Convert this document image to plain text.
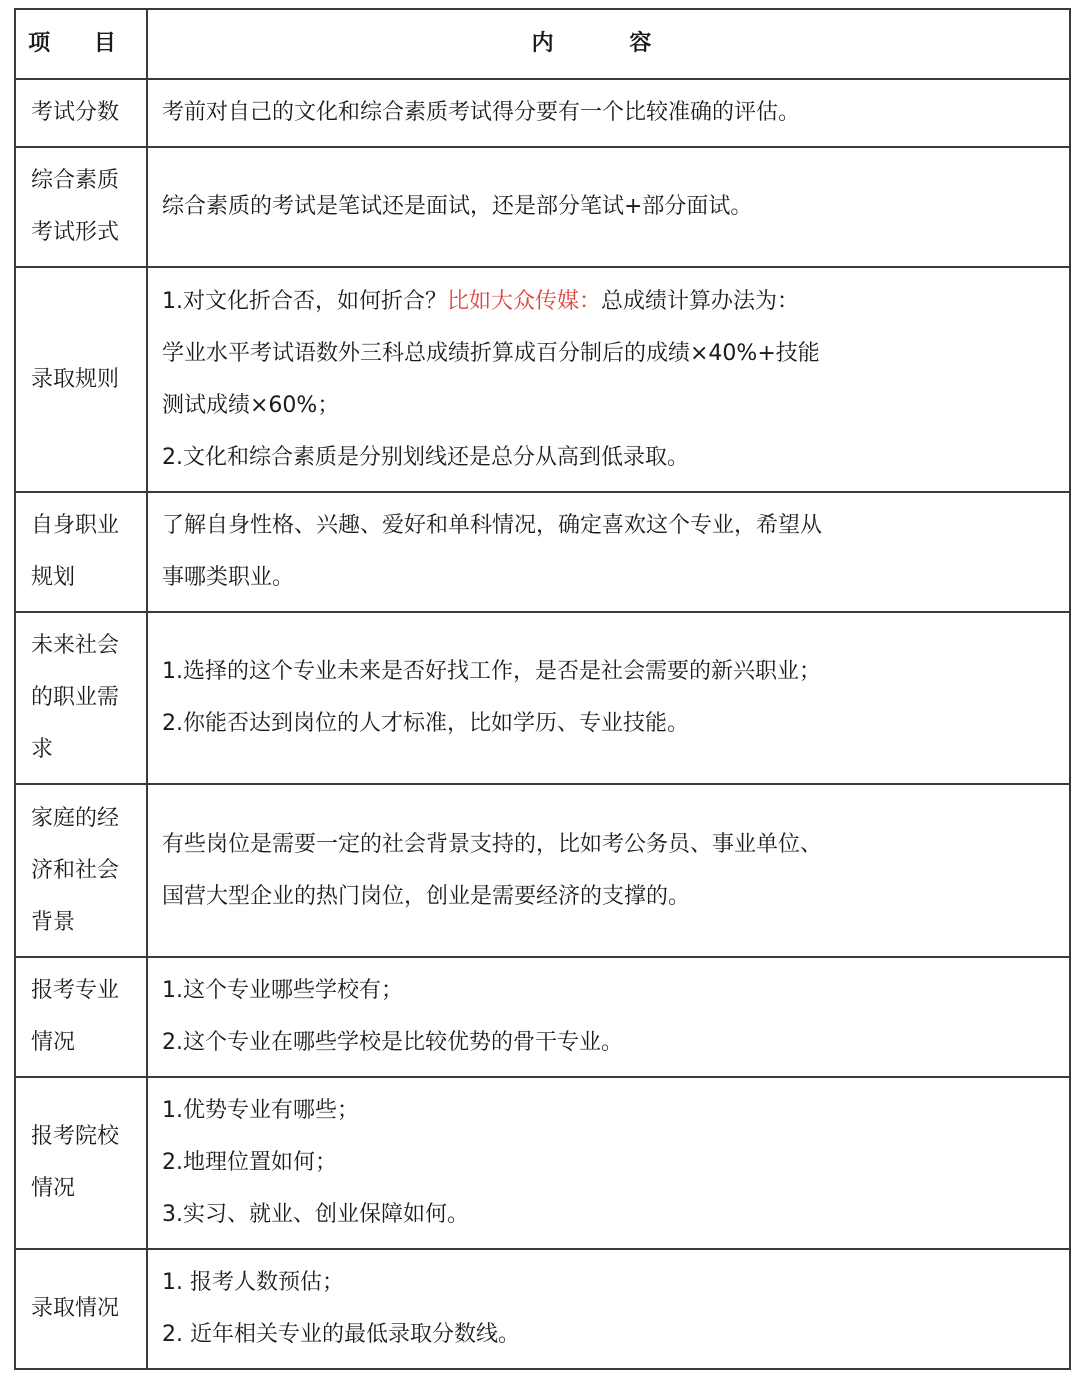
项 目	内 容
考试分数	考前对自己的文化和综合素质考试得分要有一个比较准确的评估。

综合素质考试形式	综合素质的考试是笔试还是面试，还是部分笔试+部分面试。

录取规则	1.对文化折合否，如何折合？比如大众传媒：总成绩计算办法为：
学业水平考试语数外三科总成绩折算成百分制后的成绩×40%+技能
测试成绩×60%；
2.文化和综合素质是分别划线还是总分从高到低录取。

自身职业规划	了解自身性格、兴趣、爱好和单科情况，确定喜欢这个专业，希望从
事哪类职业。

未来社会的职业需求	1.选择的这个专业未来是否好找工作，是否是社会需要的新兴职业；
2.你能否达到岗位的人才标准，比如学历、专业技能。

家庭的经济和社会背景	有些岗位是需要一定的社会背景支持的，比如考公务员、事业单位、
国营大型企业的热门岗位，创业是需要经济的支撑的。

报考专业情况	1.这个专业哪些学校有；
2.这个专业在哪些学校是比较优势的骨干专业。

报考院校情况	1.优势专业有哪些；
2.地理位置如何；
3.实习、就业、创业保障如何。

录取情况	1. 报考人数预估；
2. 近年相关专业的最低录取分数线。
